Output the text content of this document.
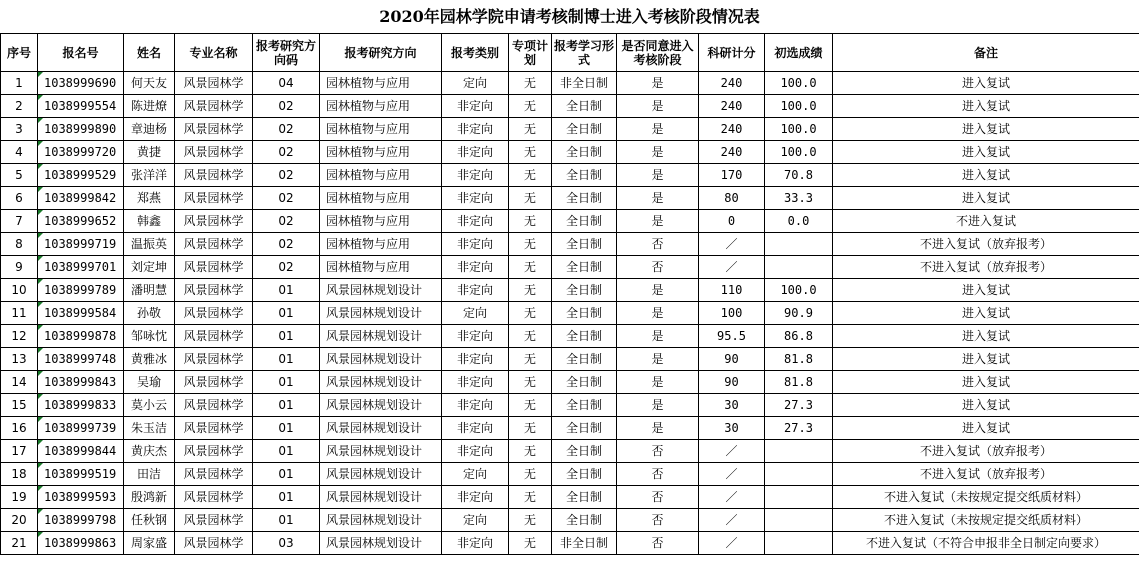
2020年园林学院申请考核制博士进入考核阶段情况表
序号	报名号	姓名	专业名称	报考研究方向码	报考研究方向	报考类别	专项计划	报考学习形式	是否同意进入考核阶段	科研计分	初选成绩	备注
1	1038999690	何天友	风景园林学	04	园林植物与应用	定向	无	非全日制	是	240	100.0	进入复试
2	1038999554	陈进燎	风景园林学	02	园林植物与应用	非定向	无	全日制	是	240	100.0	进入复试
3	1038999890	章迪杨	风景园林学	02	园林植物与应用	非定向	无	全日制	是	240	100.0	进入复试
4	1038999720	黄捷	风景园林学	02	园林植物与应用	非定向	无	全日制	是	240	100.0	进入复试
5	1038999529	张洋洋	风景园林学	02	园林植物与应用	非定向	无	全日制	是	170	70.8	进入复试
6	1038999842	郑燕	风景园林学	02	园林植物与应用	非定向	无	全日制	是	80	33.3	进入复试
7	1038999652	韩鑫	风景园林学	02	园林植物与应用	非定向	无	全日制	是	0	0.0	不进入复试
8	1038999719	温振英	风景园林学	02	园林植物与应用	非定向	无	全日制	否	／		不进入复试（放弃报考）
9	1038999701	刘定坤	风景园林学	02	园林植物与应用	非定向	无	全日制	否	／		不进入复试（放弃报考）
10	1038999789	潘明慧	风景园林学	01	风景园林规划设计	非定向	无	全日制	是	110	100.0	进入复试
11	1038999584	孙敬	风景园林学	01	风景园林规划设计	定向	无	全日制	是	100	90.9	进入复试
12	1038999878	邹咏忱	风景园林学	01	风景园林规划设计	非定向	无	全日制	是	95.5	86.8	进入复试
13	1038999748	黄雅冰	风景园林学	01	风景园林规划设计	非定向	无	全日制	是	90	81.8	进入复试
14	1038999843	吴瑜	风景园林学	01	风景园林规划设计	非定向	无	全日制	是	90	81.8	进入复试
15	1038999833	莫小云	风景园林学	01	风景园林规划设计	非定向	无	全日制	是	30	27.3	进入复试
16	1038999739	朱玉洁	风景园林学	01	风景园林规划设计	非定向	无	全日制	是	30	27.3	进入复试
17	1038999844	黄庆杰	风景园林学	01	风景园林规划设计	非定向	无	全日制	否	／		不进入复试（放弃报考）
18	1038999519	田洁	风景园林学	01	风景园林规划设计	定向	无	全日制	否	／		不进入复试（放弃报考）
19	1038999593	殷鸿新	风景园林学	01	风景园林规划设计	非定向	无	全日制	否	／		不进入复试（未按规定提交纸质材料）
20	1038999798	任秋钢	风景园林学	01	风景园林规划设计	定向	无	全日制	否	／		不进入复试（未按规定提交纸质材料）
21	1038999863	周家盛	风景园林学	03	风景园林规划设计	非定向	无	非全日制	否	／		不进入复试（不符合申报非全日制定向要求）
